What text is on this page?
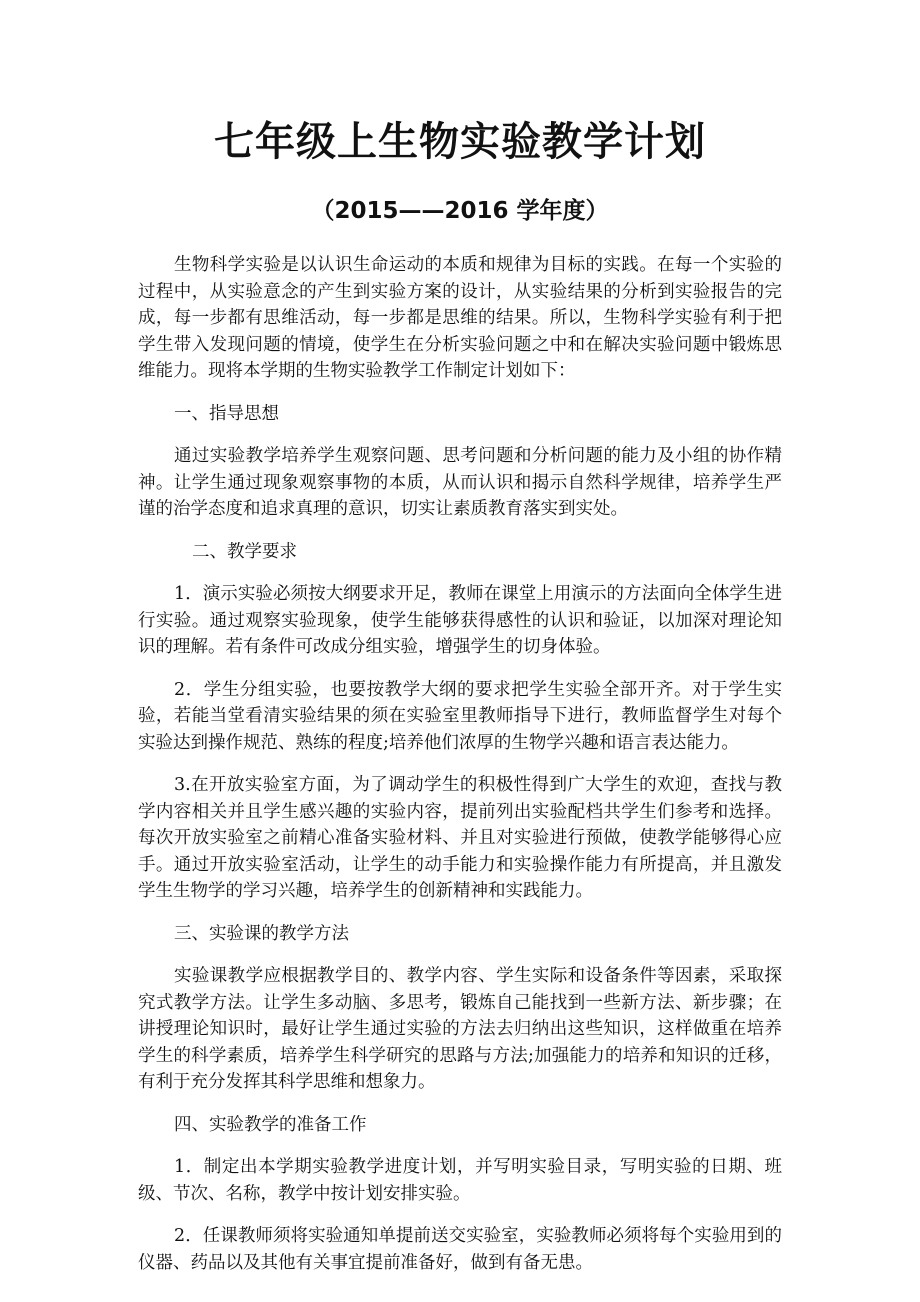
七年级上生物实验教学计划
（2015——2016 学年度）

生物科学实验是以认识生命运动的本质和规律为目标的实践。在每一个实验的过程中，从实验意念的产生到实验方案的设计，从实验结果的分析到实验报告的完成，每一步都有思维活动，每一步都是思维的结果。所以，生物科学实验有利于把学生带入发现问题的情境，使学生在分析实验问题之中和在解决实验问题中锻炼思维能力。现将本学期的生物实验教学工作制定计划如下：

一、指导思想

通过实验教学培养学生观察问题、思考问题和分析问题的能力及小组的协作精神。让学生通过现象观察事物的本质，从而认识和揭示自然科学规律，培养学生严谨的治学态度和追求真理的意识，切实让素质教育落实到实处。

二、教学要求

1．演示实验必须按大纲要求开足，教师在课堂上用演示的方法面向全体学生进行实验。通过观察实验现象，使学生能够获得感性的认识和验证，以加深对理论知识的理解。若有条件可改成分组实验，增强学生的切身体验。

2．学生分组实验，也要按教学大纲的要求把学生实验全部开齐。对于学生实验，若能当堂看清实验结果的须在实验室里教师指导下进行，教师监督学生对每个实验达到操作规范、熟练的程度;培养他们浓厚的生物学兴趣和语言表达能力。

3.在开放实验室方面，为了调动学生的积极性得到广大学生的欢迎，查找与教学内容相关并且学生感兴趣的实验内容，提前列出实验配档共学生们参考和选择。每次开放实验室之前精心准备实验材料、并且对实验进行预做，使教学能够得心应手。通过开放实验室活动，让学生的动手能力和实验操作能力有所提高，并且激发学生生物学的学习兴趣，培养学生的创新精神和实践能力。

三、实验课的教学方法

实验课教学应根据教学目的、教学内容、学生实际和设备条件等因素，采取探究式教学方法。让学生多动脑、多思考，锻炼自己能找到一些新方法、新步骤；在讲授理论知识时，最好让学生通过实验的方法去归纳出这些知识，这样做重在培养学生的科学素质，培养学生科学研究的思路与方法;加强能力的培养和知识的迁移，有利于充分发挥其科学思维和想象力。

四、实验教学的准备工作

1．制定出本学期实验教学进度计划，并写明实验目录，写明实验的日期、班级、节次、名称，教学中按计划安排实验。

2．任课教师须将实验通知单提前送交实验室，实验教师必须将每个实验用到的仪器、药品以及其他有关事宜提前准备好，做到有备无患。
